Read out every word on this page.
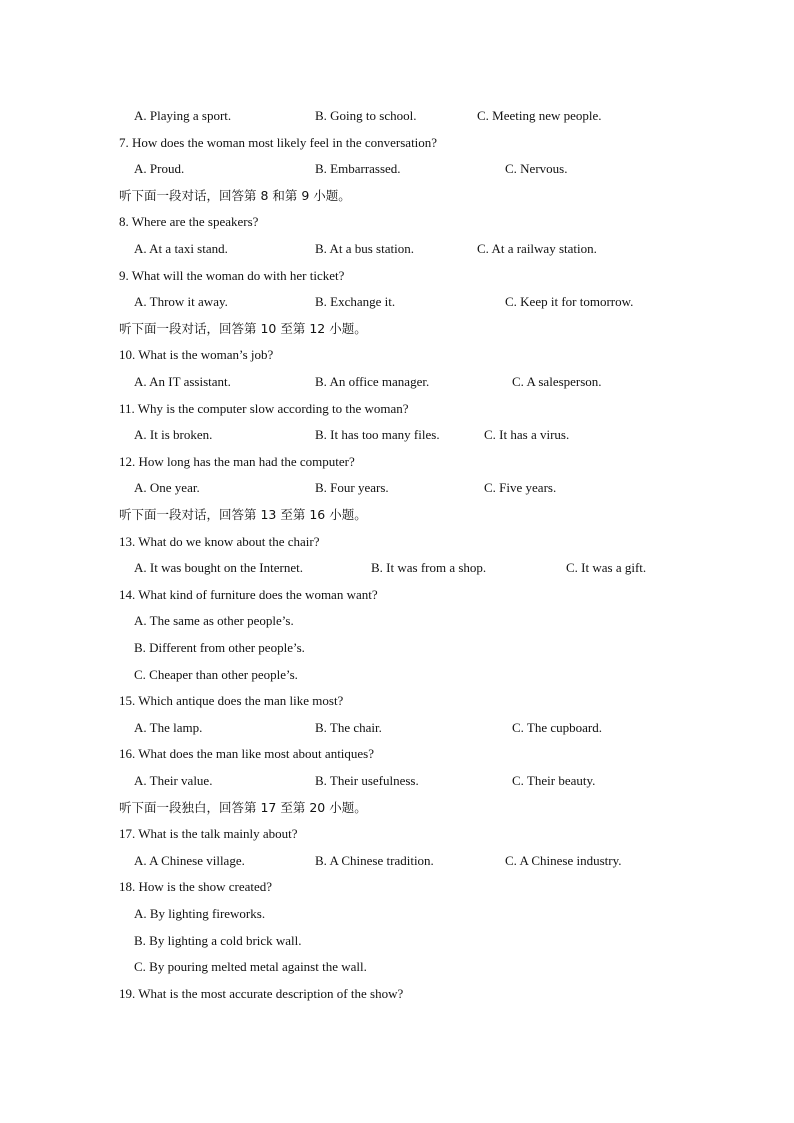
A. Playing a sport.	B. Going to school.	C. Meeting new people.
7. How does the woman most likely feel in the conversation?
A. Proud.	B. Embarrassed.	C. Nervous.
听下面一段对话，回答第 8 和第 9 小题。
8. Where are the speakers?
A. At a taxi stand.	B. At a bus station.	C. At a railway station.
9. What will the woman do with her ticket?
A. Throw it away.	B. Exchange it.	C. Keep it for tomorrow.
听下面一段对话，回答第 10 至第 12 小题。
10. What is the woman’s job?
A. An IT assistant.	B. An office manager.	C. A salesperson.
11. Why is the computer slow according to the woman?
A. It is broken.	B. It has too many files.	C. It has a virus.
12. How long has the man had the computer?
A. One year.	B. Four years.	C. Five years.
听下面一段对话，回答第 13 至第 16 小题。
13. What do we know about the chair?
A. It was bought on the Internet.	B. It was from a shop.	C. It was a gift.
14. What kind of furniture does the woman want?
A. The same as other people’s.
B. Different from other people’s.
C. Cheaper than other people’s.
15. Which antique does the man like most?
A. The lamp.	B. The chair.	C. The cupboard.
16. What does the man like most about antiques?
A. Their value.	B. Their usefulness.	C. Their beauty.
听下面一段独白，回答第 17 至第 20 小题。
17. What is the talk mainly about?
A. A Chinese village.	B. A Chinese tradition.	C. A Chinese industry.
18. How is the show created?
A. By lighting fireworks.
B. By lighting a cold brick wall.
C. By pouring melted metal against the wall.
19. What is the most accurate description of the show?
